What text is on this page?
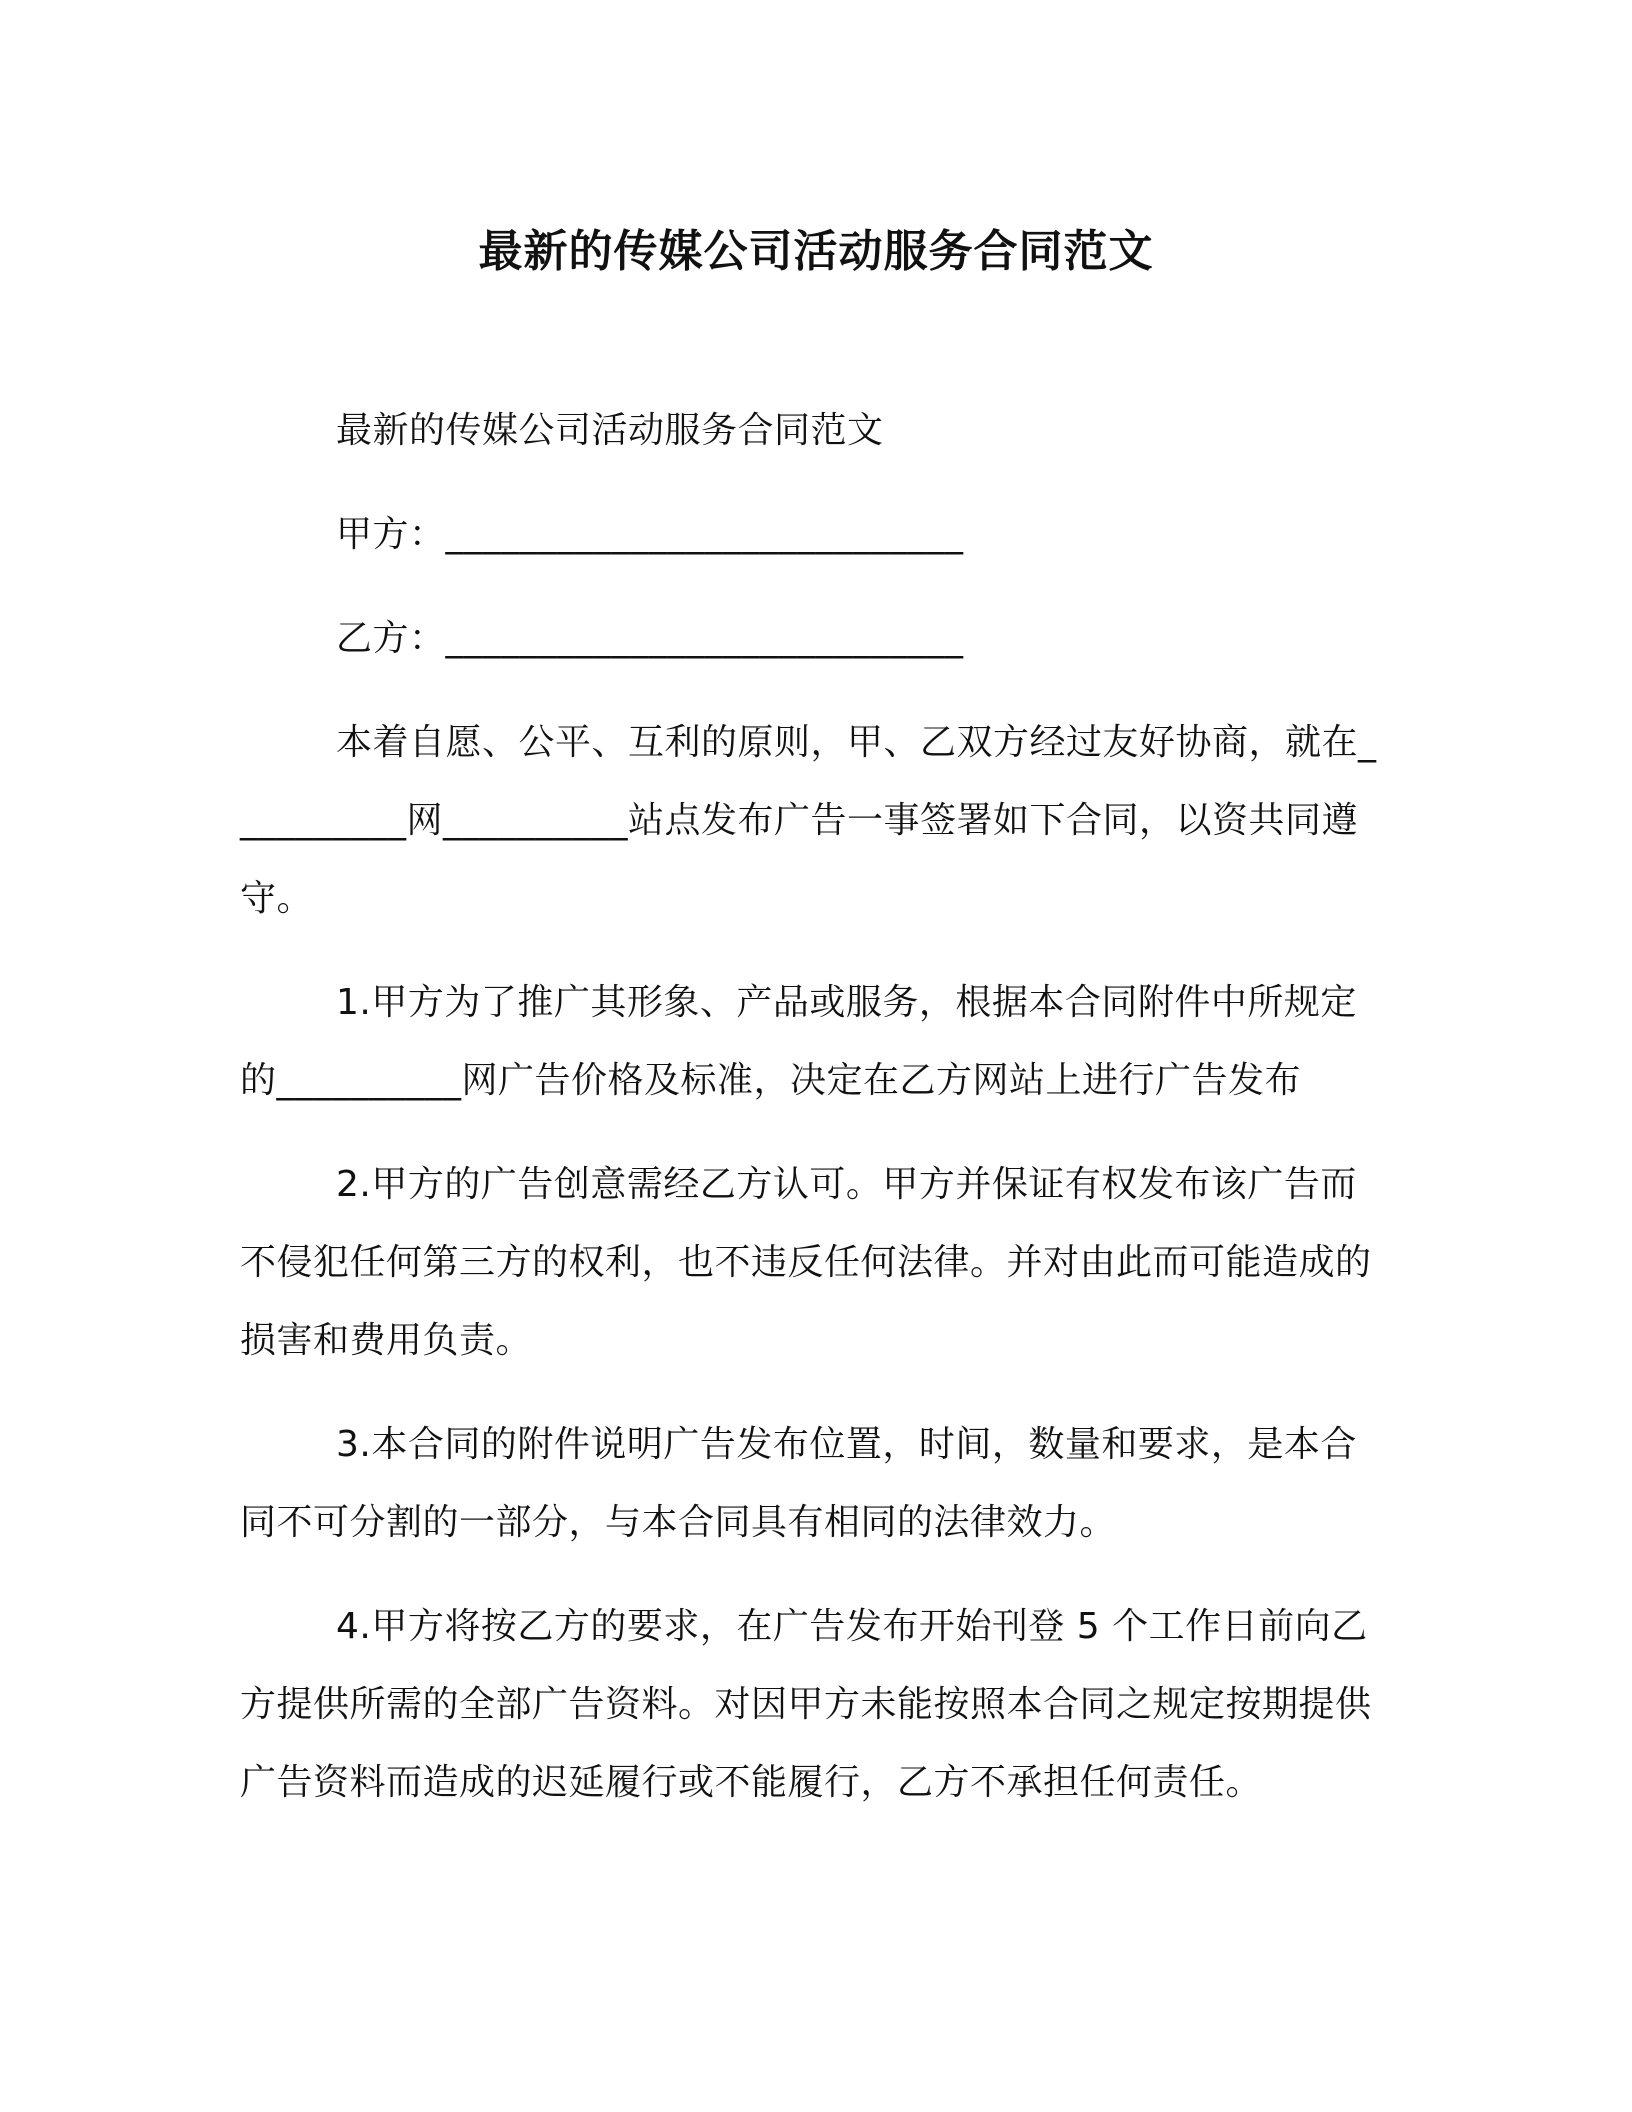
最新的传媒公司活动服务合同范文

最新的传媒公司活动服务合同范文

甲方：____________________________

乙方：____________________________

本着自愿、公平、互利的原则，甲、乙双方经过友好协商，就在__________网__________站点发布广告一事签署如下合同，以资共同遵守。

1.甲方为了推广其形象、产品或服务，根据本合同附件中所规定的__________网广告价格及标准，决定在乙方网站上进行广告发布

2.甲方的广告创意需经乙方认可。甲方并保证有权发布该广告而不侵犯任何第三方的权利，也不违反任何法律。并对由此而可能造成的损害和费用负责。

3.本合同的附件说明广告发布位置，时间，数量和要求，是本合同不可分割的一部分，与本合同具有相同的法律效力。

4.甲方将按乙方的要求，在广告发布开始刊登 5 个工作日前向乙方提供所需的全部广告资料。对因甲方未能按照本合同之规定按期提供广告资料而造成的迟延履行或不能履行，乙方不承担任何责任。
